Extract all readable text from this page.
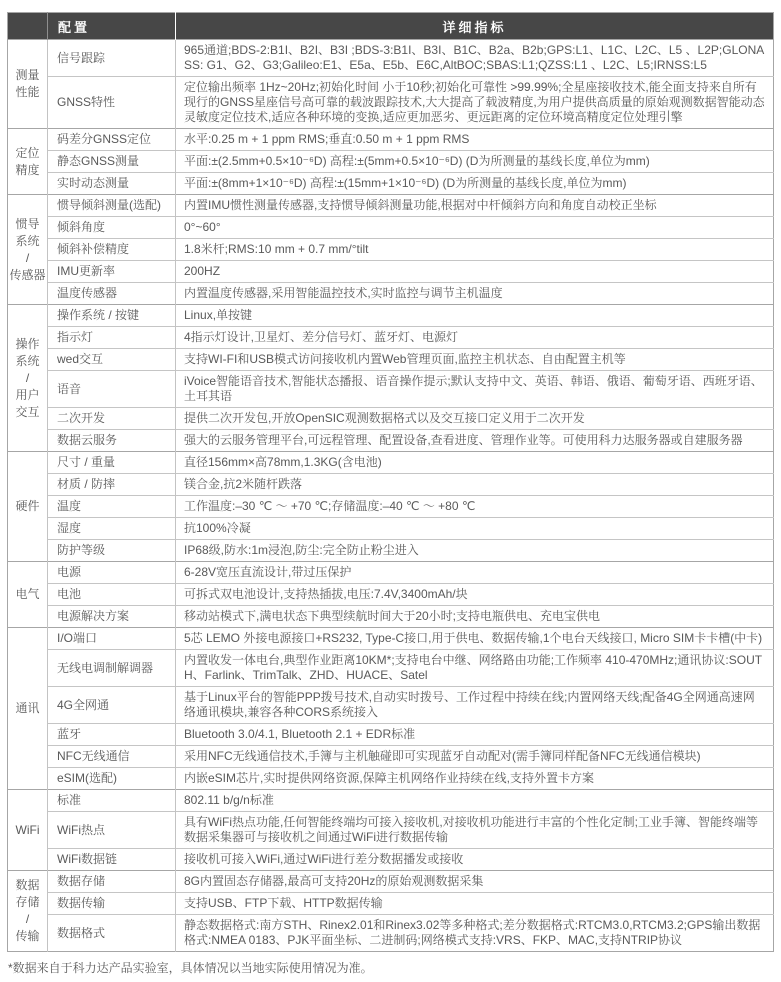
	配置	详细指标
测量
性能	信号跟踪	965通道;BDS-2:B1I、B2I、B3I ;BDS-3:B1I、B3I、B1C、B2a、B2b;GPS:L1、L1C、L2C、L5 、L2P;GLONASS: G1、G2、G3;Galileo:E1、E5a、E5b、E6C,AltBOC;SBAS:L1;QZSS:L1 、L2C、L5;IRNSS:L5
	GNSS特性	定位输出频率 1Hz~20Hz;初始化时间 小于10秒;初始化可靠性 >99.99%;全星座接收技术,能全面支持来自所有现行的GNSS星座信号高可靠的载波跟踪技术,大大提高了载波精度,为用户提供高质量的原始观测数据智能动态灵敏度定位技术,适应各种环境的变换,适应更加恶劣、更远距离的定位环境高精度定位处理引擎
定位
精度	码差分GNSS定位	水平:0.25 m + 1 ppm RMS;垂直:0.50 m + 1 ppm RMS
	静态GNSS测量	平面:±(2.5mm+0.5×10⁻⁶D) 高程:±(5mm+0.5×10⁻⁶D) (D为所测量的基线长度,单位为mm)
	实时动态测量	平面:±(8mm+1×10⁻⁶D) 高程:±(15mm+1×10⁻⁶D) (D为所测量的基线长度,单位为mm)
惯导
系统
/
传感器	惯导倾斜测量(选配)	内置IMU惯性测量传感器,支持惯导倾斜测量功能,根据对中杆倾斜方向和角度自动校正坐标
	倾斜角度	0°~60°
	倾斜补偿精度	1.8米杆;RMS:10 mm + 0.7 mm/°tilt
	IMU更新率	200HZ
	温度传感器	内置温度传感器,采用智能温控技术,实时监控与调节主机温度
操作
系统
/
用户
交互	操作系统 / 按键	Linux,单按键
	指示灯	4指示灯设计,卫星灯、差分信号灯、蓝牙灯、电源灯
	wed交互	支持WI-FI和USB模式访问接收机内置Web管理页面,监控主机状态、自由配置主机等
	语音	iVoice智能语音技术,智能状态播报、语音操作提示;默认支持中文、英语、韩语、俄语、葡萄牙语、西班牙语、土耳其语
	二次开发	提供二次开发包,开放OpenSIC观测数据格式以及交互接口定义用于二次开发
	数据云服务	强大的云服务管理平台,可远程管理、配置设备,查看进度、管理作业等。可使用科力达服务器或自建服务器
硬件	尺寸 / 重量	直径156mm×高78mm,1.3KG(含电池)
	材质 / 防摔	镁合金,抗2米随杆跌落
	温度	工作温度:–30 ℃ ～ +70 ℃;存储温度:–40 ℃ ～ +80 ℃
	湿度	抗100%冷凝
	防护等级	IP68级,防水:1m浸泡,防尘:完全防止粉尘进入
电气	电源	6-28V宽压直流设计,带过压保护
	电池	可拆式双电池设计,支持热插拔,电压:7.4V,3400mAh/块
	电源解决方案	移动站模式下,满电状态下典型续航时间大于20小时;支持电瓶供电、充电宝供电
通讯	I/O端口	5芯 LEMO 外接电源接口+RS232, Type-C接口,用于供电、数据传输,1个电台天线接口, Micro SIM卡卡槽(中卡)
	无线电调制解调器	内置收发一体电台,典型作业距离10KM*;支持电台中继、网络路由功能;工作频率 410-470MHz;通讯协议:SOUTH、Farlink、TrimTalk、ZHD、HUACE、Satel
	4G全网通	基于Linux平台的智能PPP拨号技术,自动实时拨号、工作过程中持续在线;内置网络天线;配备4G全网通高速网络通讯模块,兼容各种CORS系统接入
	蓝牙	Bluetooth 3.0/4.1, Bluetooth 2.1 + EDR标准
	NFC无线通信	采用NFC无线通信技术,手簿与主机触碰即可实现蓝牙自动配对(需手簿同样配备NFC无线通信模块)
	eSIM(选配)	内嵌eSIM芯片,实时提供网络资源,保障主机网络作业持续在线,支持外置卡方案
WiFi	标准	802.11 b/g/n标准
	WiFi热点	具有WiFi热点功能,任何智能终端均可接入接收机,对接收机功能进行丰富的个性化定制;工业手簿、智能终端等数据采集器可与接收机之间通过WiFi进行数据传输
	WiFi数据链	接收机可接入WiFi,通过WiFi进行差分数据播发或接收
数据
存储
/
传输	数据存储	8G内置固态存储器,最高可支持20Hz的原始观测数据采集
	数据传输	支持USB、FTP下载、HTTP数据传输
	数据格式	静态数据格式:南方STH、Rinex2.01和Rinex3.02等多种格式;差分数据格式:RTCM3.0,RTCM3.2;GPS输出数据格式:NMEA 0183、PJK平面坐标、二进制码;网络模式支持:VRS、FKP、MAC,支持NTRIP协议
*数据来自于科力达产品实验室，具体情况以当地实际使用情况为准。
